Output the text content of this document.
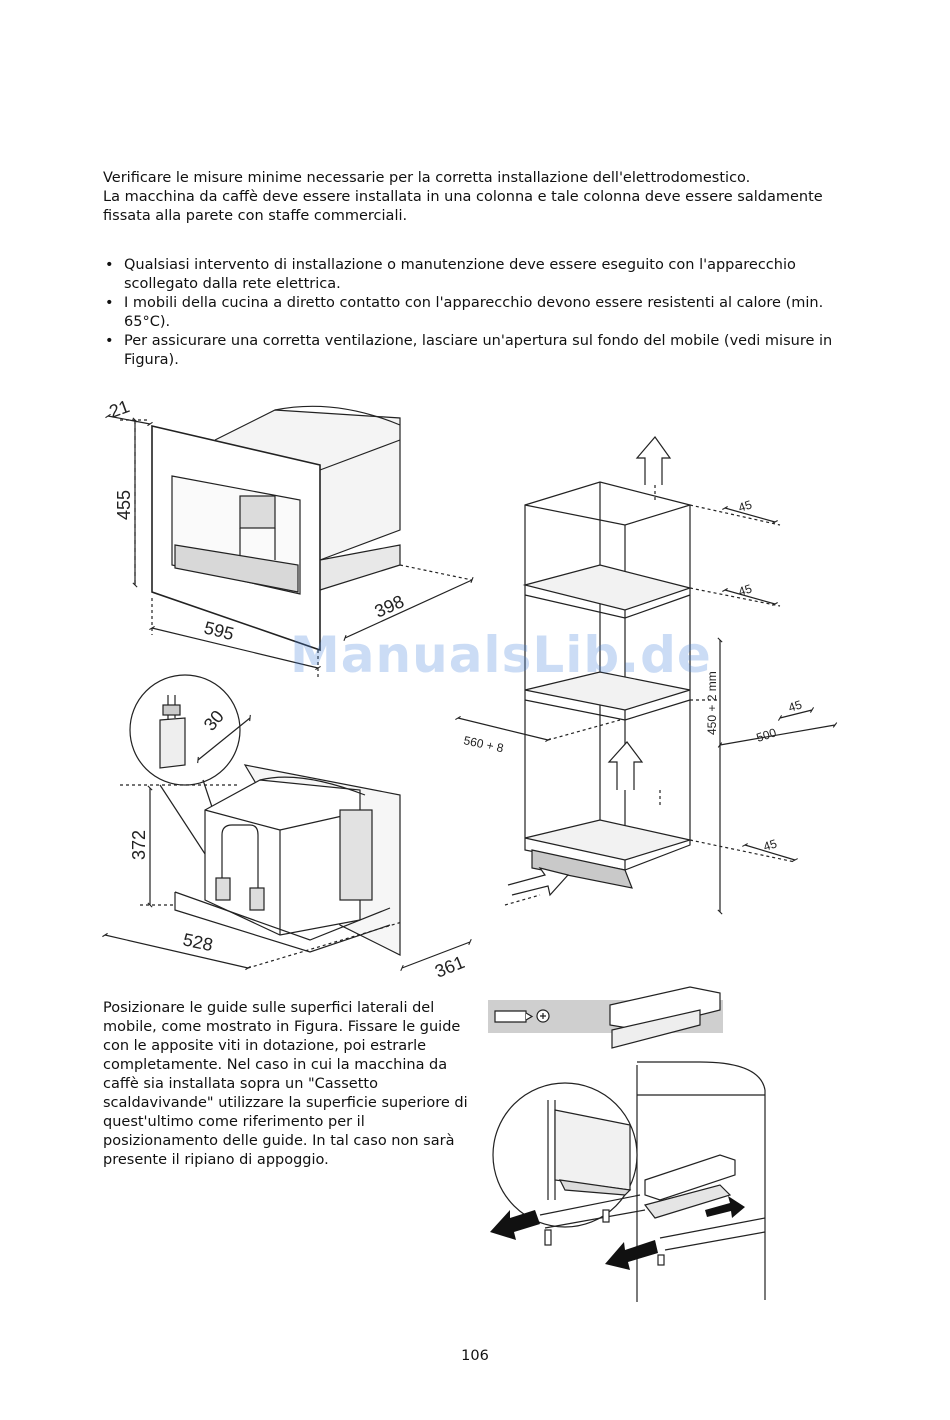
Verificare le misure minime necessarie per la corretta installazione dell'elettrodomestico.

La macchina da caffè deve essere installata in una colonna e tale colonna deve essere saldamente fissata alla parete con staffe commerciali.

• Qualsiasi intervento di installazione o manutenzione deve essere eseguito con l'apparecchio scollegato dalla rete elettrica.
• I mobili della cucina a diretto contatto con l'apparecchio devono essere resistenti al calore (min. 65°C).
• Per assicurare una corretta ventilazione, lasciare un'apertura sul fondo del mobile (vedi misure in Figura).
21
455
595
398
30
372
528
361
45
45
45
45
450 + 2 mm
560 + 8	500
ManualsLib.de
Posizionare le guide sulle superfici laterali del mobile, come mostrato in Figura. Fissare le guide con le apposite viti in dotazione, poi estrarle completamente. Nel caso in cui la macchina da caffè sia installata sopra un "Cassetto scaldavivande" utilizzare la superficie superiore di quest'ultimo come riferimento per il posizionamento delle guide. In tal caso non sarà presente il ripiano di appoggio.
106
